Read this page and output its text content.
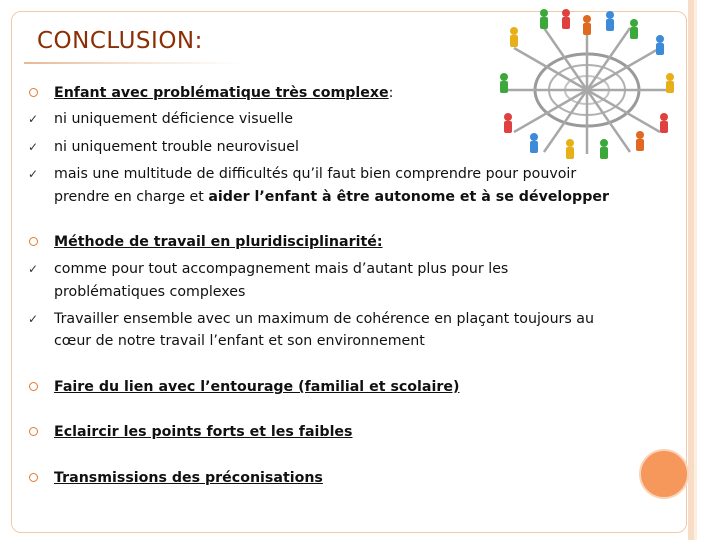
CONCLUSION:
Enfant avec problématique très complexe:
✓	ni uniquement déficience visuelle
✓	ni uniquement trouble neurovisuel
✓	mais une multitude de difficultés qu’il faut bien comprendre pour pouvoir
prendre en charge et aider l’enfant à être autonome et à se développer
Méthode de travail en pluridisciplinarité:
✓	comme pour tout accompagnement mais d’autant plus pour les
problématiques complexes
✓	Travailler ensemble avec un maximum de cohérence en plaçant toujours au
cœur de notre travail l’enfant et son environnement
Faire du lien avec l’entourage (familial et scolaire)
Eclaircir les points forts et les faibles
Transmissions des préconisations
